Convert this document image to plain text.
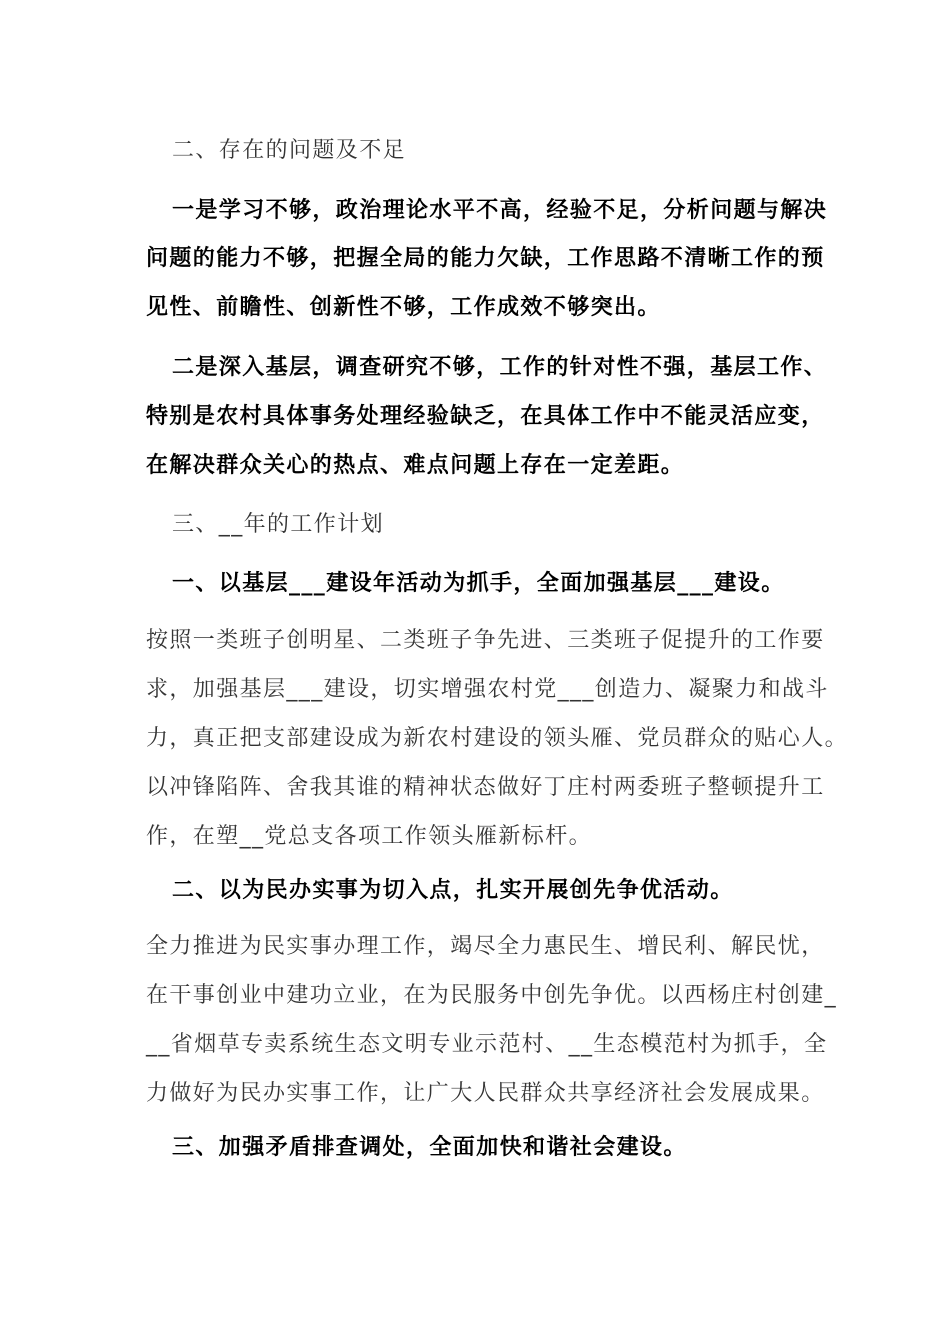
二、存在的问题及不足
一是学习不够，政治理论水平不高，经验不足，分析问题与解决
问题的能力不够，把握全局的能力欠缺，工作思路不清晰工作的预
见性、前瞻性、创新性不够，工作成效不够突出。
二是深入基层，调查研究不够，工作的针对性不强，基层工作、
特别是农村具体事务处理经验缺乏，在具体工作中不能灵活应变，
在解决群众关心的热点、难点问题上存在一定差距。
三、__年的工作计划
一、以基层___建设年活动为抓手，全面加强基层___建设。
按照一类班子创明星、二类班子争先进、三类班子促提升的工作要
求，加强基层___建设，切实增强农村党___创造力、凝聚力和战斗
力，真正把支部建设成为新农村建设的领头雁、党员群众的贴心人。
以冲锋陷阵、舍我其谁的精神状态做好丁庄村两委班子整顿提升工
作，在塑__党总支各项工作领头雁新标杆。
二、以为民办实事为切入点，扎实开展创先争优活动。
全力推进为民实事办理工作，竭尽全力惠民生、增民利、解民忧，
在干事创业中建功立业，在为民服务中创先争优。以西杨庄村创建_
__省烟草专卖系统生态文明专业示范村、__生态模范村为抓手，全
力做好为民办实事工作，让广大人民群众共享经济社会发展成果。
三、加强矛盾排查调处，全面加快和谐社会建设。
